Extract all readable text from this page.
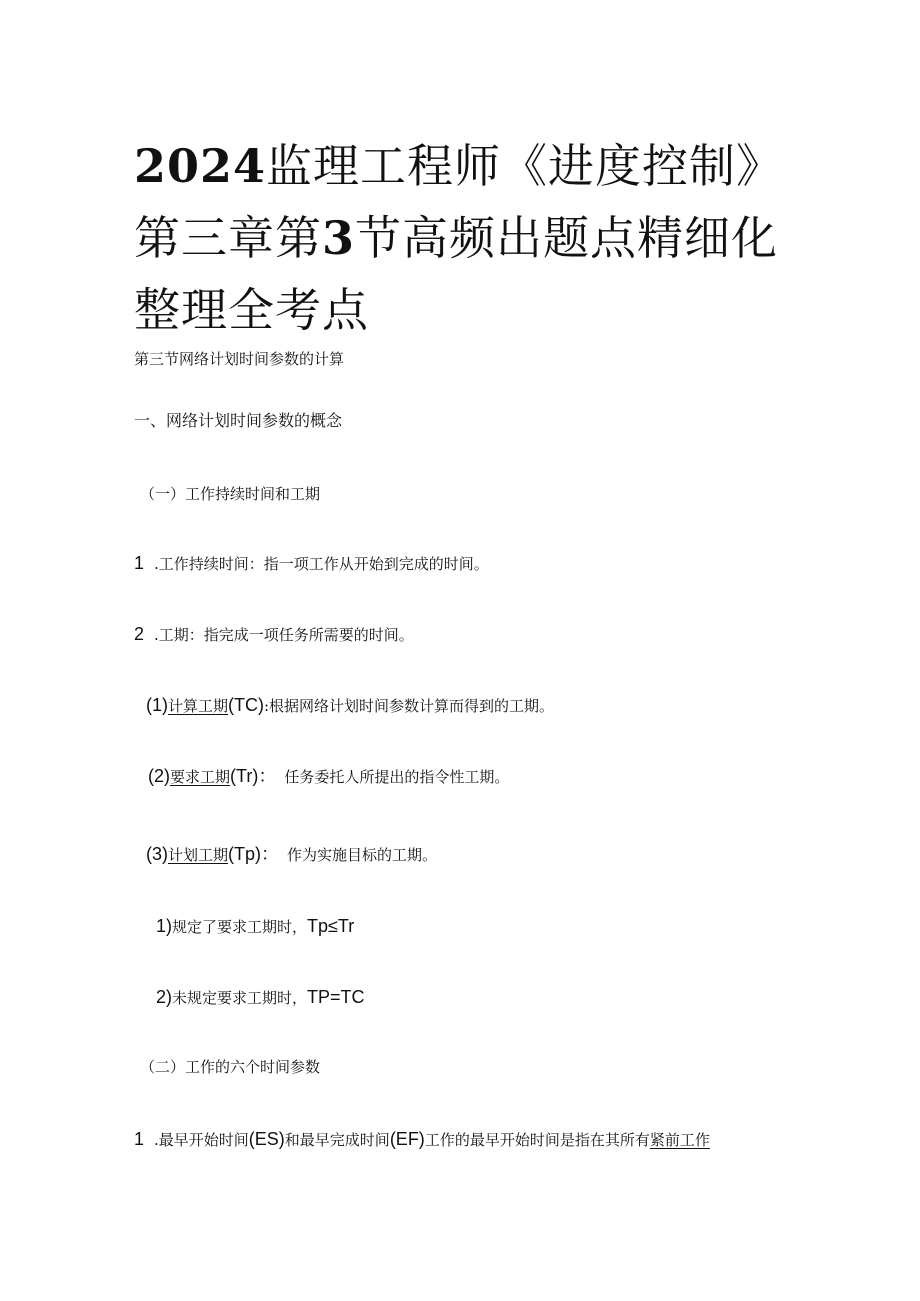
2024监理工程师《进度控制》第三章第3节高频出题点精细化整理全考点
第三节网络计划时间参数的计算
一、网络计划时间参数的概念
（一）工作持续时间和工期
1 .工作持续时间：指一项工作从开始到完成的时间。
2 .工期：指完成一项任务所需要的时间。
(1)计算工期(TC):根据网络计划时间参数计算而得到的工期。
(2)要求工期(Tr)： 任务委托人所提出的指令性工期。
(3)计划工期(Tp)： 作为实施目标的工期。
1)规定了要求工期时，Tp≤Tr
2)未规定要求工期时，TP=TC
（二）工作的六个时间参数
1 .最早开始时间(ES)和最早完成时间(EF)工作的最早开始时间是指在其所有紧前工作
